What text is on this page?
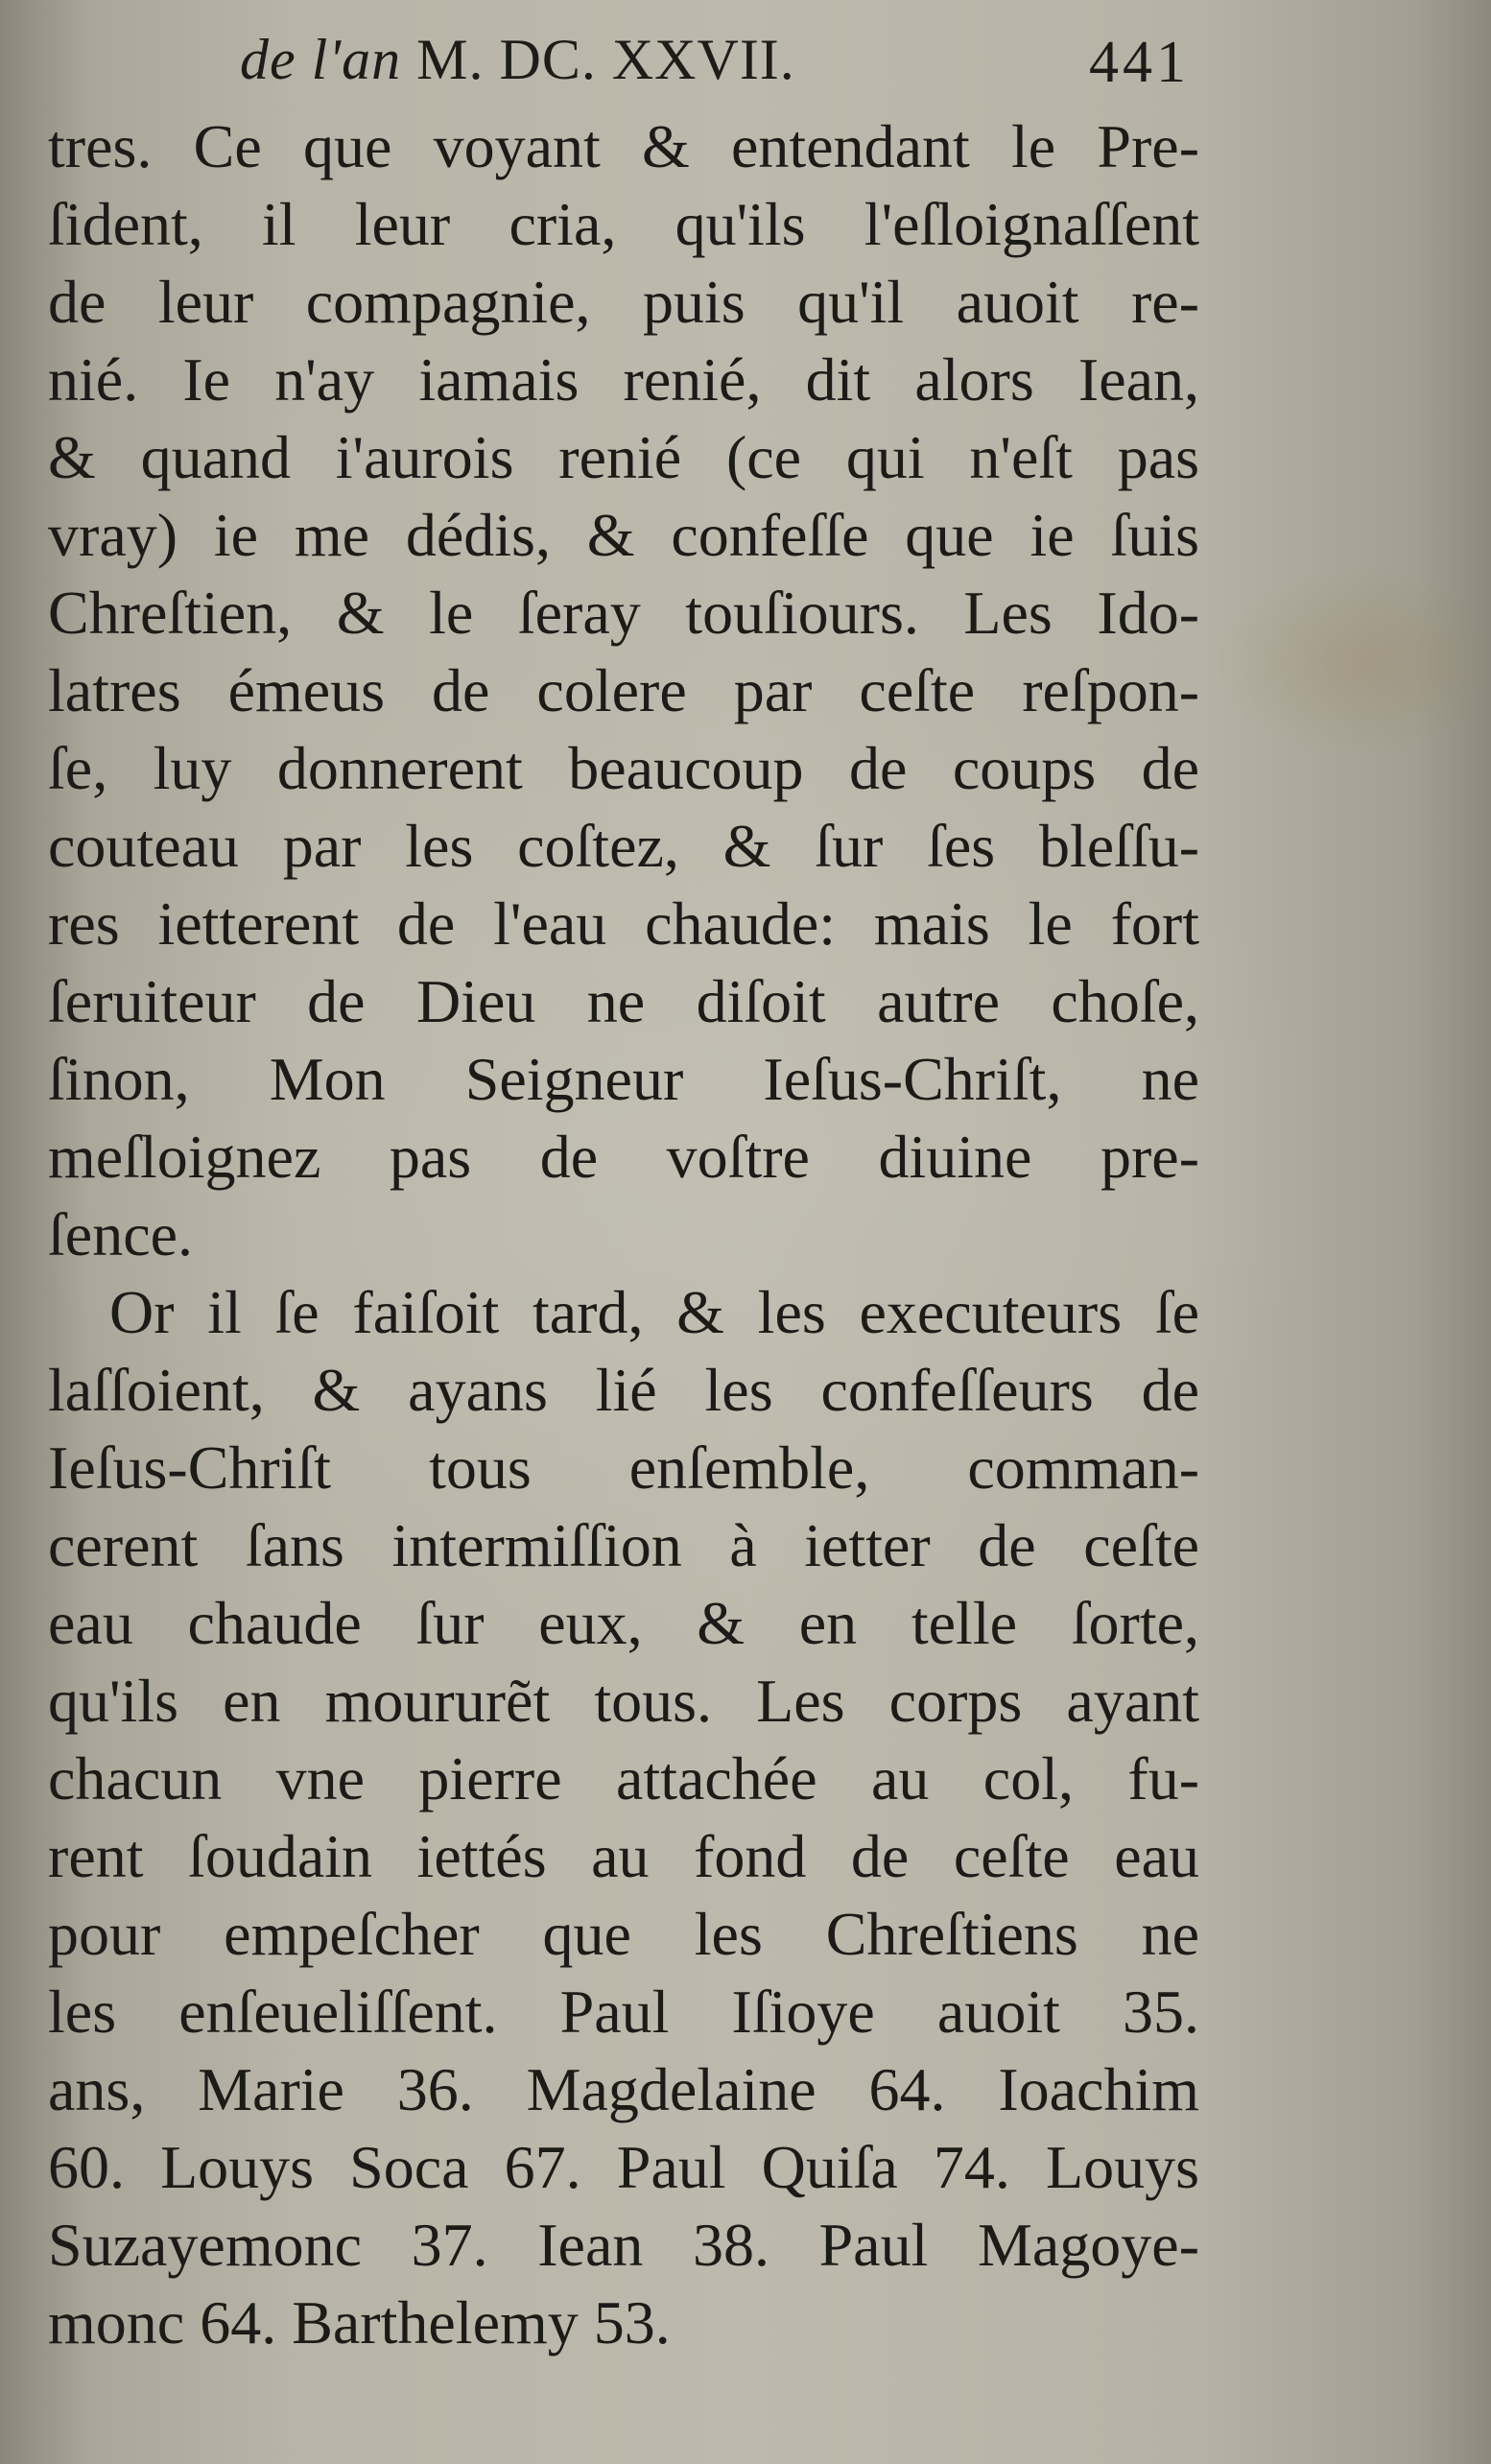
de l'an M. DC. XXVII.	441
tres. Ce que voyant & entendant le Pre-
ſident, il leur cria, qu'ils l'eſloignaſſent
de leur compagnie, puis qu'il auoit re-
nié. Ie n'ay iamais renié, dit alors Iean,
& quand i'aurois renié (ce qui n'eſt pas
vray) ie me dédis, & confeſſe que ie ſuis
Chreſtien, & le ſeray touſiours. Les Ido-
latres émeus de colere par ceſte reſpon-
ſe, luy donnerent beaucoup de coups de
couteau par les coſtez, & ſur ſes bleſſu-
res ietterent de l'eau chaude: mais le fort
ſeruiteur de Dieu ne diſoit autre choſe,
ſinon, Mon Seigneur Ieſus-Chriſt, ne
meſloignez pas de voſtre diuine pre-
ſence.
Or il ſe faiſoit tard, & les executeurs ſe
laſſoient, & ayans lié les confeſſeurs de
Ieſus-Chriſt tous enſemble, comman-
cerent ſans intermiſſion à ietter de ceſte
eau chaude ſur eux, & en telle ſorte,
qu'ils en moururẽt tous. Les corps ayant
chacun vne pierre attachée au col, fu-
rent ſoudain iettés au fond de ceſte eau
pour empeſcher que les Chreſtiens ne
les enſeueliſſent. Paul Iſioye auoit 35.
ans, Marie 36. Magdelaine 64. Ioachim
60. Louys Soca 67. Paul Quiſa 74. Louys
Suzayemonc 37. Iean 38. Paul Magoye-
monc 64. Barthelemy 53.
